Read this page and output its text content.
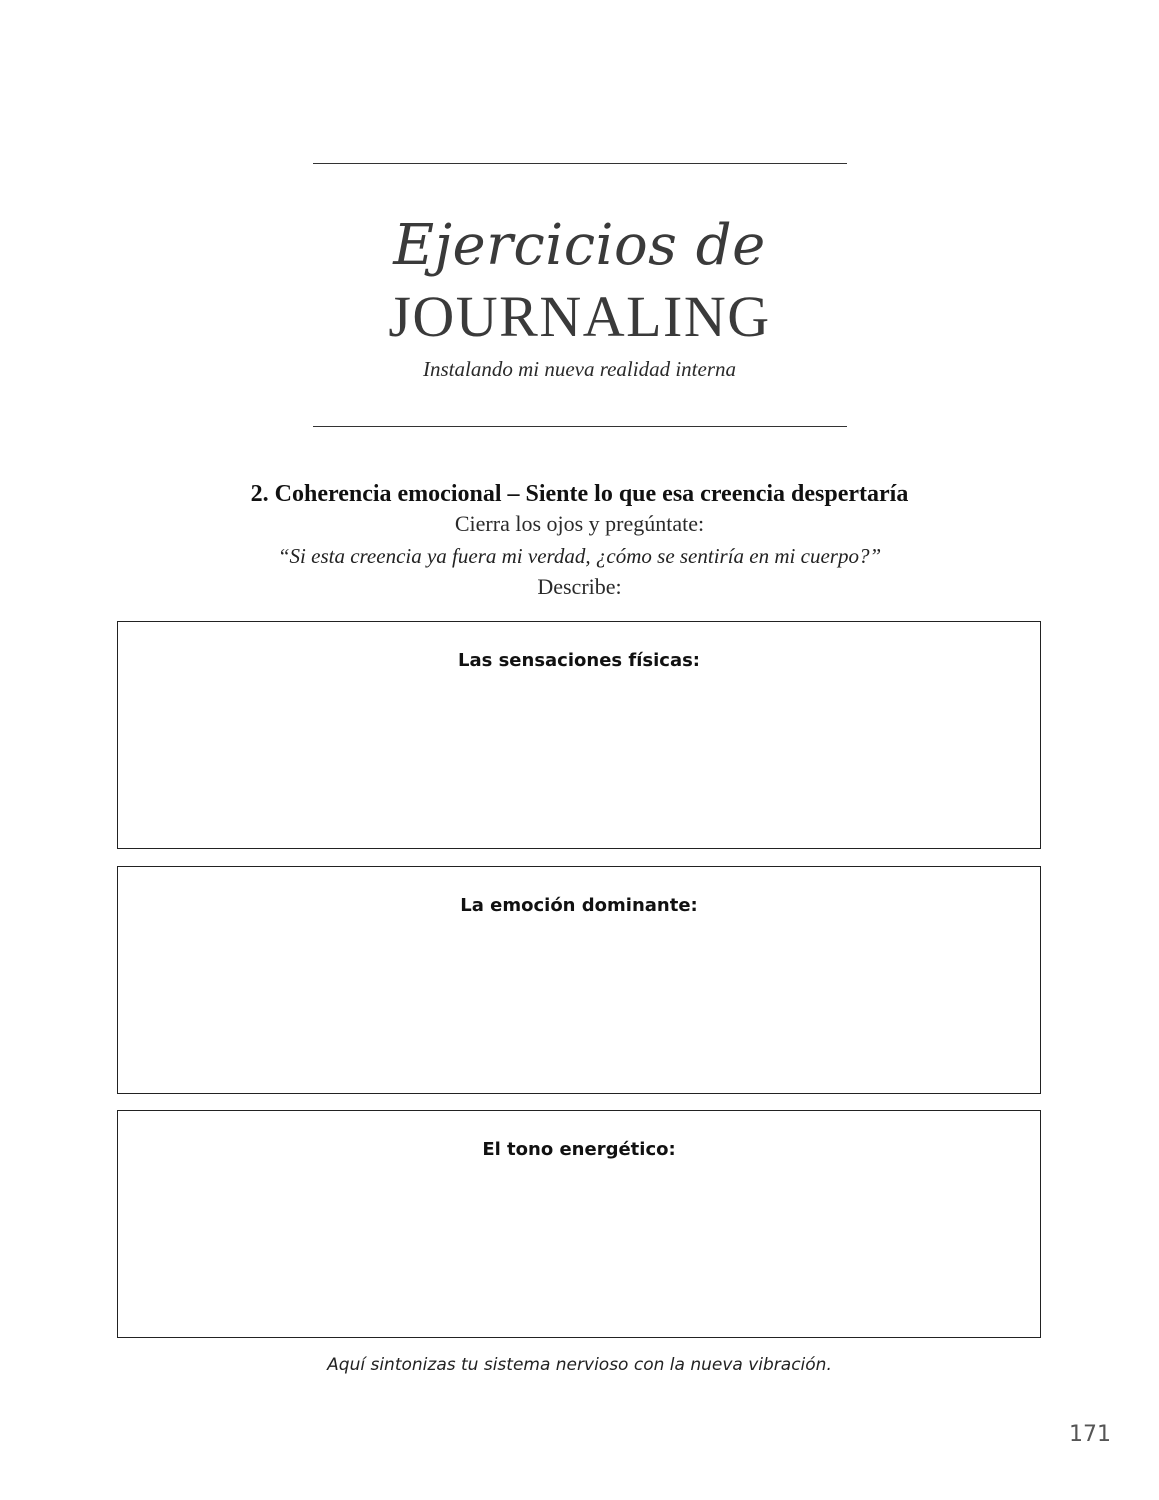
Ejercicios de
JOURNALING
Instalando mi nueva realidad interna
2. Coherencia emocional – Siente lo que esa creencia despertaría
Cierra los ojos y pregúntate:
“Si esta creencia ya fuera mi verdad, ¿cómo se sentiría en mi cuerpo?”
Describe:
Las sensaciones físicas:
La emoción dominante:
El tono energético:
Aquí sintonizas tu sistema nervioso con la nueva vibración.
171
